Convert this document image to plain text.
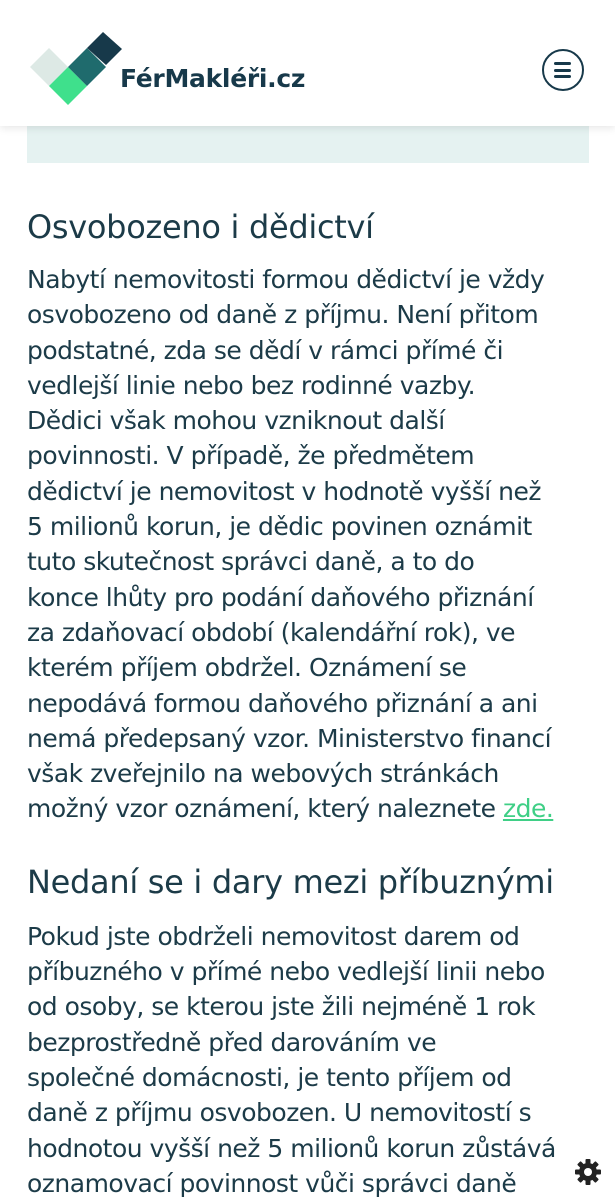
FérMakléři.cz
Osvobozeno i dědictví

Nabytí nemovitosti formou dědictví je vždy
osvobozeno od daně z příjmu. Není přitom
podstatné, zda se dědí v rámci přímé či
vedlejší linie nebo bez rodinné vazby.
Dědici však mohou vzniknout další
povinnosti. V případě, že předmětem
dědictví je nemovitost v hodnotě vyšší než
5 milionů korun, je dědic povinen oznámit
tuto skutečnost správci daně, a to do
konce lhůty pro podání daňového přiznání
za zdaňovací období (kalendářní rok), ve
kterém příjem obdržel. Oznámení se
nepodává formou daňového přiznání a ani
nemá předepsaný vzor. Ministerstvo financí
však zveřejnilo na webových stránkách
možný vzor oznámení, který naleznete zde.

Nedaní se i dary mezi příbuznými

Pokud jste obdrželi nemovitost darem od
příbuzného v přímé nebo vedlejší linii nebo
od osoby, se kterou jste žili nejméně 1 rok
bezprostředně před darováním ve
společné domácnosti, je tento příjem od
daně z příjmu osvobozen. U nemovitostí s
hodnotou vyšší než 5 milionů korun zůstává
oznamovací povinnost vůči správci daně
